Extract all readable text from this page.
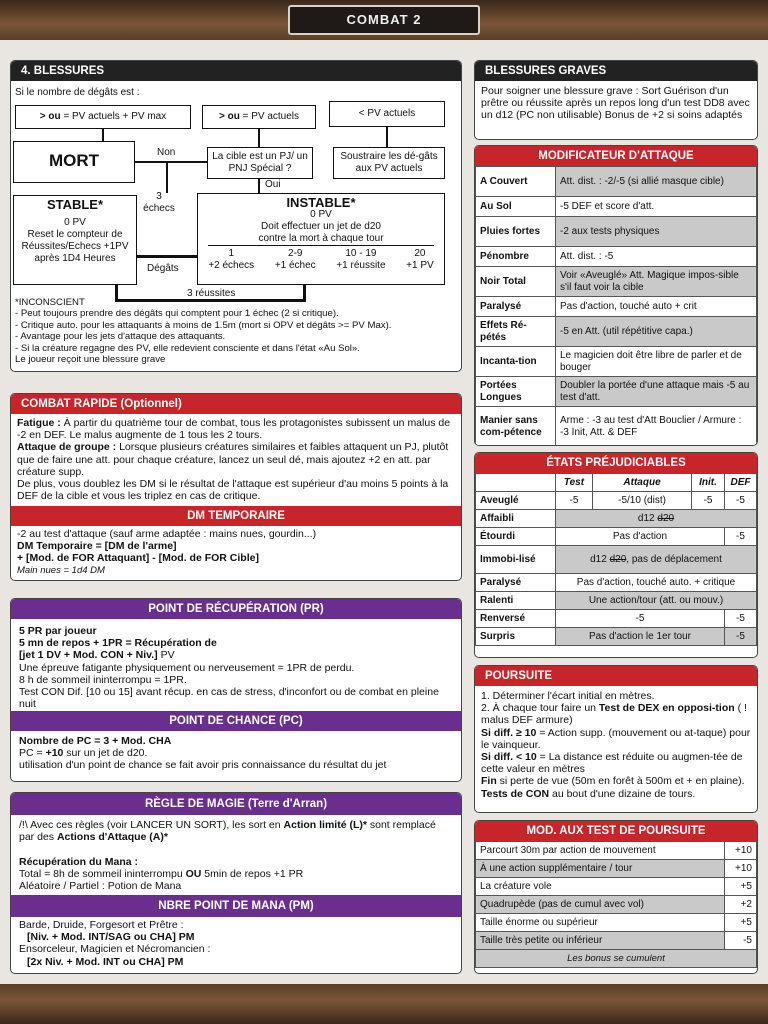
COMBAT 2
4. BLESSURES
Si le nombre de dégâts est :
> ou = PV actuels + PV max	> ou = PV actuels	< PV actuels
MORT	Non	La cible est un PJ/ un PNJ Spécial ?
Soustraire les dé-gâts aux PV actuels
Oui
STABLE*
0 PV
Reset le compteur de Réussites/Echecs +1PV après 1D4 Heures
3 échecs
Dégâts
INSTABLE*
0 PV
Doit effectuer un jet de d20
contre la mort à chaque tour
1
+2 échecs
2-9
+1 échec
10 - 19
+1 réussite
20
+1 PV
3 réussites
*INCONSCIENT
- Peut toujours prendre des dégâts qui comptent pour 1 échec (2 si critique).
- Critique auto. pour les attaquants à moins de 1.5m (mort si OPV et dégâts >= PV Max).
- Avantage pour les jets d'attaque des attaquants.
- Si la créature regagne des PV, elle redevient consciente et dans l'état «Au Sol».
Le joueur reçoit une blessure grave
BLESSURES GRAVES
Pour soigner une blessure grave : Sort Guérison d'un prêtre ou réussite après un repos long d'un test DD8 avec un d12 (PC non utilisable) Bonus de +2 si soins adaptés
MODIFICATEUR D'ATTAQUE
A Couvert	Att. dist. : -2/-5 (si allié masque cible)
Au Sol	-5 DEF et score d'att.
Pluies fortes	-2 aux tests physiques
Pénombre	Att. dist. : -5
Noir Total	Voir «Aveuglé» Att. Magique impos-sible s'il faut voir la cible
Paralysé	Pas d'action, touché auto + crit
Effets Ré-pétés	-5 en Att. (util répétitive capa.)
Incanta-tion	Le magicien doit être libre de parler et de bouger
Portées Longues	Doubler la portée d'une attaque mais -5 au test d'att.
Manier sans com-pétence	Arme : -3 au test d'Att Bouclier / Armure : -3 Init, Att. & DEF
ÉTATS PRÉJUDICIABLES
	Test	Attaque	Init.	DEF
Aveuglé	-5	-5/10 (dist)	-5	-5
Affaibli	d12 d20			
Étourdi	Pas d'action			-5
Immobi-lisé	d12 d20, pas de déplacement			
Paralysé	Pas d'action, touché auto. + critique			
Ralenti	Une action/tour (att. ou mouv.)			
Renversé	-5			-5
Surpris	Pas d'action le 1er tour			-5
COMBAT RAPIDE (Optionnel)

Fatigue : À partir du quatrième tour de combat, tous les protagonistes subissent un malus de -2 en DEF. Le malus augmente de 1 tous les 2 tours.

Attaque de groupe : Lorsque plusieurs créatures similaires et faibles attaquent un PJ, plutôt que de faire une att. pour chaque créature, lancez un seul dé, mais ajoutez +2 en att. par créature supp.

De plus, vous doublez les DM si le résultat de l'attaque est supérieur d'au moins 5 points à la DEF de la cible et vous les triplez en cas de critique.

DM TEMPORAIRE

-2 au test d'attaque (sauf arme adaptée : mains nues, gourdin...)

DM Temporaire = [DM de l'arme]

+ [Mod. de FOR Attaquant] - [Mod. de FOR Cible]

Main nues = 1d4 DM

POINT DE RÉCUPÉRATION (PR)

5 PR par joueur

5 mn de repos + 1PR = Récupération de

[jet 1 DV + Mod. CON + Niv.] PV

Une épreuve fatigante physiquement ou nerveusement = 1PR de perdu.

8 h de sommeil ininterrompu = 1PR.

Test CON Dif. [10 ou 15] avant récup. en cas de stress, d'inconfort ou de combat en pleine nuit

POINT DE CHANCE (PC)

Nombre de PC = 3 + Mod. CHA

PC = +10 sur un jet de d20.

utilisation d'un point de chance se fait avoir pris connaissance du résultat du jet

RÈGLE DE MAGIE (Terre d'Arran)

/!\ Avec ces règles (voir LANCER UN SORT), les sort en Action limité (L)* sont remplacé par des Actions d'Attaque (A)*

Récupération du Mana :

Total = 8h de sommeil ininterrompu OU 5min de repos +1 PR

Aléatoire / Partiel : Potion de Mana

NBRE POINT DE MANA (PM)

Barde, Druide, Forgesort et Prêtre :

[Niv. + Mod. INT/SAG ou CHA] PM

Ensorceleur, Magicien et Nécromancien :

[2x Niv. + Mod. INT ou CHA] PM

POURSUITE

1. Déterminer l'écart initial en mètres.

2. À chaque tour faire un Test de DEX en opposi-tion ( ! malus DEF armure)

Si diff. ≥ 10 = Action supp. (mouvement ou at-taque) pour le vainqueur.

Si diff. < 10 = La distance est réduite ou augmen-tée de cette valeur en mètres

Fin si perte de vue (50m en forêt à 500m et + en plaine).

Tests de CON au bout d'une dizaine de tours.

MOD. AUX TEST DE POURSUITE
Parcourt 30m par action de mouvement	+10
À une action supplémentaire / tour	+10
La créature vole	+5
Quadrupède (pas de cumul avec vol)	+2
Taille énorme ou supérieur	+5
Taille très petite ou inférieur	-5
Les bonus se cumulent	
